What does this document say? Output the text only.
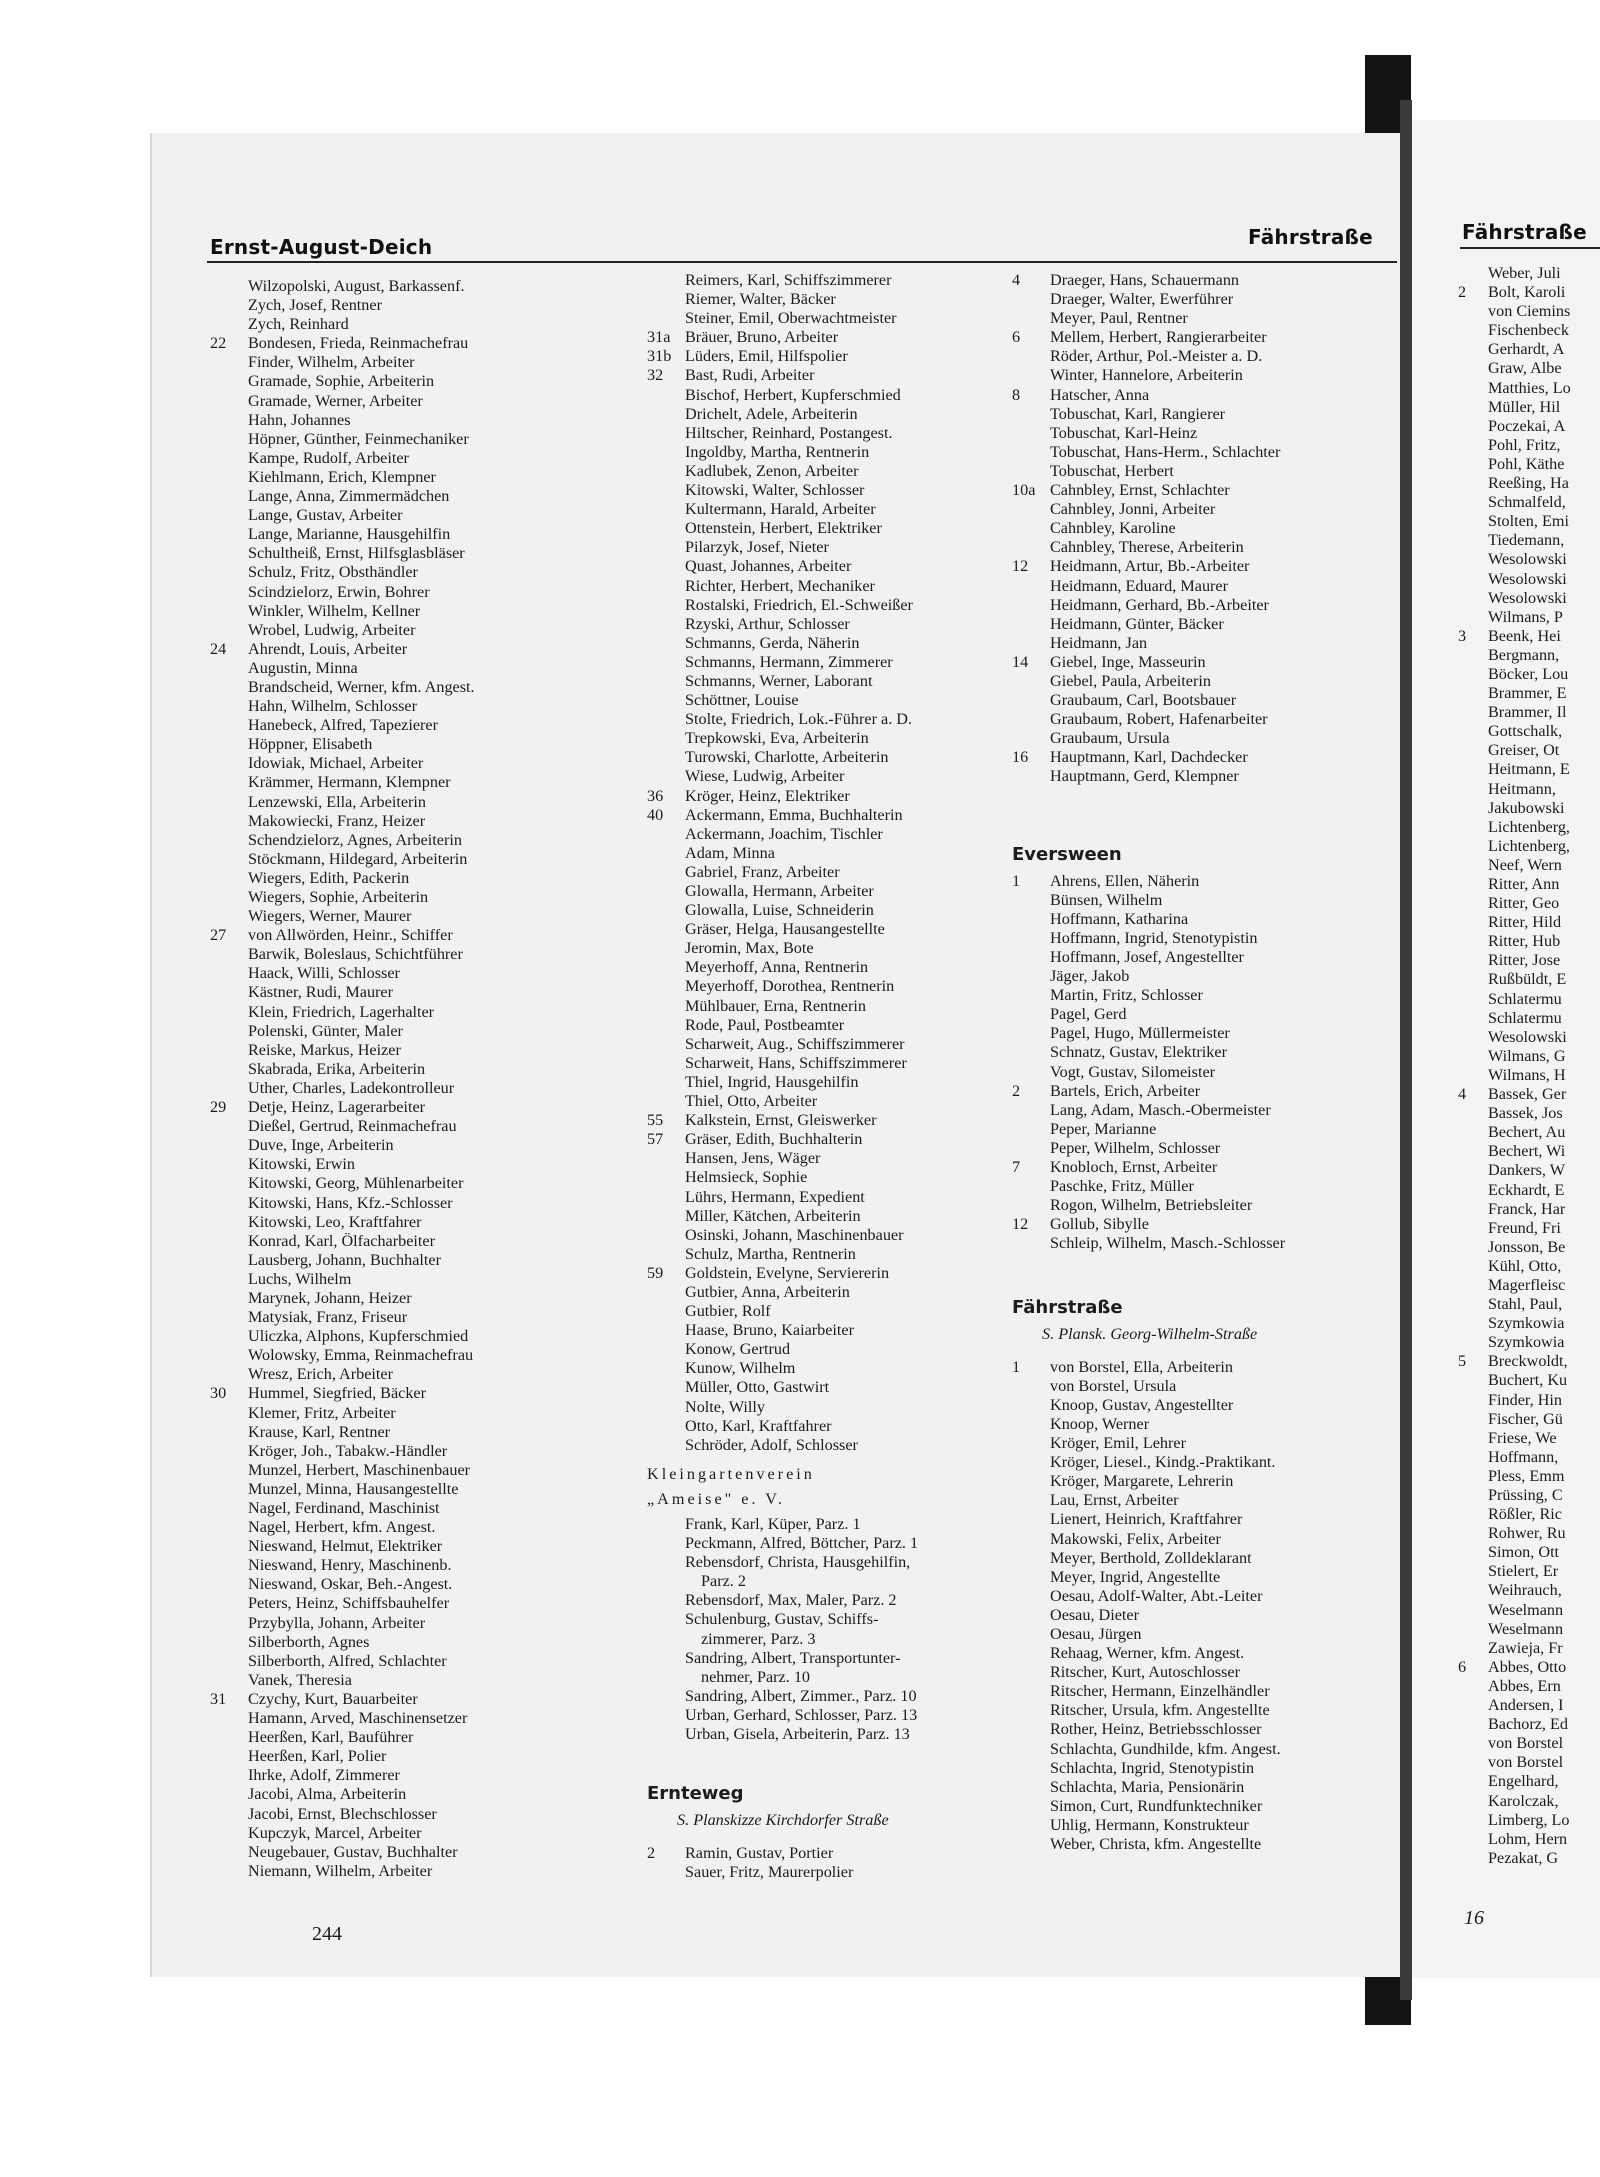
Ernst-August-Deich	Fährstraße
Wilzopolski, August, Barkassenf.
Zych, Josef, Rentner
Zych, Reinhard
22	Bondesen, Frieda, Reinmachefrau
Finder, Wilhelm, Arbeiter
Gramade, Sophie, Arbeiterin
Gramade, Werner, Arbeiter
Hahn, Johannes
Höpner, Günther, Feinmechaniker
Kampe, Rudolf, Arbeiter
Kiehlmann, Erich, Klempner
Lange, Anna, Zimmermädchen
Lange, Gustav, Arbeiter
Lange, Marianne, Hausgehilfin
Schultheiß, Ernst, Hilfsglasbläser
Schulz, Fritz, Obsthändler
Scindzielorz, Erwin, Bohrer
Winkler, Wilhelm, Kellner
Wrobel, Ludwig, Arbeiter
24	Ahrendt, Louis, Arbeiter
Augustin, Minna
Brandscheid, Werner, kfm. Angest.
Hahn, Wilhelm, Schlosser
Hanebeck, Alfred, Tapezierer
Höppner, Elisabeth
Idowiak, Michael, Arbeiter
Krämmer, Hermann, Klempner
Lenzewski, Ella, Arbeiterin
Makowiecki, Franz, Heizer
Schendzielorz, Agnes, Arbeiterin
Stöckmann, Hildegard, Arbeiterin
Wiegers, Edith, Packerin
Wiegers, Sophie, Arbeiterin
Wiegers, Werner, Maurer
27	von Allwörden, Heinr., Schiffer
Barwik, Boleslaus, Schichtführer
Haack, Willi, Schlosser
Kästner, Rudi, Maurer
Klein, Friedrich, Lagerhalter
Polenski, Günter, Maler
Reiske, Markus, Heizer
Skabrada, Erika, Arbeiterin
Uther, Charles, Ladekontrolleur
29	Detje, Heinz, Lagerarbeiter
Dießel, Gertrud, Reinmachefrau
Duve, Inge, Arbeiterin
Kitowski, Erwin
Kitowski, Georg, Mühlenarbeiter
Kitowski, Hans, Kfz.-Schlosser
Kitowski, Leo, Kraftfahrer
Konrad, Karl, Ölfacharbeiter
Lausberg, Johann, Buchhalter
Luchs, Wilhelm
Marynek, Johann, Heizer
Matysiak, Franz, Friseur
Uliczka, Alphons, Kupferschmied
Wolowsky, Emma, Reinmachefrau
Wresz, Erich, Arbeiter
30	Hummel, Siegfried, Bäcker
Klemer, Fritz, Arbeiter
Krause, Karl, Rentner
Kröger, Joh., Tabakw.-Händler
Munzel, Herbert, Maschinenbauer
Munzel, Minna, Hausangestellte
Nagel, Ferdinand, Maschinist
Nagel, Herbert, kfm. Angest.
Nieswand, Helmut, Elektriker
Nieswand, Henry, Maschinenb.
Nieswand, Oskar, Beh.-Angest.
Peters, Heinz, Schiffsbauhelfer
Przybylla, Johann, Arbeiter
Silberborth, Agnes
Silberborth, Alfred, Schlachter
Vanek, Theresia
31	Czychy, Kurt, Bauarbeiter
Hamann, Arved, Maschinensetzer
Heerßen, Karl, Bauführer
Heerßen, Karl, Polier
Ihrke, Adolf, Zimmerer
Jacobi, Alma, Arbeiterin
Jacobi, Ernst, Blechschlosser
Kupczyk, Marcel, Arbeiter
Neugebauer, Gustav, Buchhalter
Niemann, Wilhelm, Arbeiter
Reimers, Karl, Schiffszimmerer
Riemer, Walter, Bäcker
Steiner, Emil, Oberwachtmeister
31a Bräuer, Bruno, Arbeiter
31b Lüders, Emil, Hilfspolier
32	Bast, Rudi, Arbeiter
Bischof, Herbert, Kupferschmied
Drichelt, Adele, Arbeiterin
Hiltscher, Reinhard, Postangest.
Ingoldby, Martha, Rentnerin
Kadlubek, Zenon, Arbeiter
Kitowski, Walter, Schlosser
Kultermann, Harald, Arbeiter
Ottenstein, Herbert, Elektriker
Pilarzyk, Josef, Nieter
Quast, Johannes, Arbeiter
Richter, Herbert, Mechaniker
Rostalski, Friedrich, El.-Schweißer
Rzyski, Arthur, Schlosser
Schmanns, Gerda, Näherin
Schmanns, Hermann, Zimmerer
Schmanns, Werner, Laborant
Schöttner, Louise
Stolte, Friedrich, Lok.-Führer a. D.
Trepkowski, Eva, Arbeiterin
Turowski, Charlotte, Arbeiterin
Wiese, Ludwig, Arbeiter
36	Kröger, Heinz, Elektriker
40	Ackermann, Emma, Buchhalterin
Ackermann, Joachim, Tischler
Adam, Minna
Gabriel, Franz, Arbeiter
Glowalla, Hermann, Arbeiter
Glowalla, Luise, Schneiderin
Gräser, Helga, Hausangestellte
Jeromin, Max, Bote
Meyerhoff, Anna, Rentnerin
Meyerhoff, Dorothea, Rentnerin
Mühlbauer, Erna, Rentnerin
Rode, Paul, Postbeamter
Scharweit, Aug., Schiffszimmerer
Scharweit, Hans, Schiffszimmerer
Thiel, Ingrid, Hausgehilfin
Thiel, Otto, Arbeiter
55	Kalkstein, Ernst, Gleiswerker
57	Gräser, Edith, Buchhalterin
Hansen, Jens, Wäger
Helmsieck, Sophie
Lührs, Hermann, Expedient
Miller, Kätchen, Arbeiterin
Osinski, Johann, Maschinenbauer
Schulz, Martha, Rentnerin
59	Goldstein, Evelyne, Serviererin
Gutbier, Anna, Arbeiterin
Gutbier, Rolf
Haase, Bruno, Kaiarbeiter
Konow, Gertrud
Kunow, Wilhelm
Müller, Otto, Gastwirt
Nolte, Willy
Otto, Karl, Kraftfahrer
Schröder, Adolf, Schlosser
Kleingartenverein
„Ameise" e. V.
Frank, Karl, Küper, Parz. 1
Peckmann, Alfred, Böttcher, Parz. 1
Rebensdorf, Christa, Hausgehilfin,
Parz. 2
Rebensdorf, Max, Maler, Parz. 2
Schulenburg, Gustav, Schiffs-
zimmerer, Parz. 3
Sandring, Albert, Transportunter-
nehmer, Parz. 10
Sandring, Albert, Zimmer., Parz. 10
Urban, Gerhard, Schlosser, Parz. 13
Urban, Gisela, Arbeiterin, Parz. 13
Ernteweg
S. Planskizze Kirchdorfer Straße
2	Ramin, Gustav, Portier
Sauer, Fritz, Maurerpolier
4	Draeger, Hans, Schauermann
Draeger, Walter, Ewerführer
Meyer, Paul, Rentner
6	Mellem, Herbert, Rangierarbeiter
Röder, Arthur, Pol.-Meister a. D.
Winter, Hannelore, Arbeiterin
8	Hatscher, Anna
Tobuschat, Karl, Rangierer
Tobuschat, Karl-Heinz
Tobuschat, Hans-Herm., Schlachter
Tobuschat, Herbert
10a Cahnbley, Ernst, Schlachter
Cahnbley, Jonni, Arbeiter
Cahnbley, Karoline
Cahnbley, Therese, Arbeiterin
12	Heidmann, Artur, Bb.-Arbeiter
Heidmann, Eduard, Maurer
Heidmann, Gerhard, Bb.-Arbeiter
Heidmann, Günter, Bäcker
Heidmann, Jan
14	Giebel, Inge, Masseurin
Giebel, Paula, Arbeiterin
Graubaum, Carl, Bootsbauer
Graubaum, Robert, Hafenarbeiter
Graubaum, Ursula
16	Hauptmann, Karl, Dachdecker
Hauptmann, Gerd, Klempner
Eversween
1	Ahrens, Ellen, Näherin
Bünsen, Wilhelm
Hoffmann, Katharina
Hoffmann, Ingrid, Stenotypistin
Hoffmann, Josef, Angestellter
Jäger, Jakob
Martin, Fritz, Schlosser
Pagel, Gerd
Pagel, Hugo, Müllermeister
Schnatz, Gustav, Elektriker
Vogt, Gustav, Silomeister
2	Bartels, Erich, Arbeiter
Lang, Adam, Masch.-Obermeister
Peper, Marianne
Peper, Wilhelm, Schlosser
7	Knobloch, Ernst, Arbeiter
Paschke, Fritz, Müller
Rogon, Wilhelm, Betriebsleiter
12	Gollub, Sibylle
Schleip, Wilhelm, Masch.-Schlosser
Fährstraße
S. Plansk. Georg-Wilhelm-Straße
1	von Borstel, Ella, Arbeiterin
von Borstel, Ursula
Knoop, Gustav, Angestellter
Knoop, Werner
Kröger, Emil, Lehrer
Kröger, Liesel., Kindg.-Praktikant.
Kröger, Margarete, Lehrerin
Lau, Ernst, Arbeiter
Lienert, Heinrich, Kraftfahrer
Makowski, Felix, Arbeiter
Meyer, Berthold, Zolldeklarant
Meyer, Ingrid, Angestellte
Oesau, Adolf-Walter, Abt.-Leiter
Oesau, Dieter
Oesau, Jürgen
Rehaag, Werner, kfm. Angest.
Ritscher, Kurt, Autoschlosser
Ritscher, Hermann, Einzelhändler
Ritscher, Ursula, kfm. Angestellte
Rother, Heinz, Betriebsschlosser
Schlachta, Gundhilde, kfm. Angest.
Schlachta, Ingrid, Stenotypistin
Schlachta, Maria, Pensionärin
Simon, Curt, Rundfunktechniker
Uhlig, Hermann, Konstrukteur
Weber, Christa, kfm. Angestellte
244
Fährstraße
Weber, Juli
2	Bolt, Karoli
von Ciemins
Fischenbeck
Gerhardt, A
Graw, Albe
Matthies, Lo
Müller, Hil
Poczekai, A
Pohl, Fritz,
Pohl, Käthe
Reeßing, Ha
Schmalfeld,
Stolten, Emi
Tiedemann,
Wesolowski
Wesolowski
Wesolowski
Wilmans, P
3	Beenk, Hei
Bergmann,
Böcker, Lou
Brammer, E
Brammer, Il
Gottschalk,
Greiser, Ot
Heitmann, E
Heitmann,
Jakubowski
Lichtenberg,
Lichtenberg,
Neef, Wern
Ritter, Ann
Ritter, Geo
Ritter, Hild
Ritter, Hub
Ritter, Jose
Rußbüldt, E
Schlatermu
Schlatermu
Wesolowski
Wilmans, G
Wilmans, H
4	Bassek, Ger
Bassek, Jos
Bechert, Au
Bechert, Wi
Dankers, W
Eckhardt, E
Franck, Har
Freund, Fri
Jonsson, Be
Kühl, Otto,
Magerfleisc
Stahl, Paul,
Szymkowia
Szymkowia
5	Breckwoldt,
Buchert, Ku
Finder, Hin
Fischer, Gü
Friese, We
Hoffmann,
Pless, Emm
Prüssing, C
Rößler, Ric
Rohwer, Ru
Simon, Ott
Stielert, Er
Weihrauch,
Weselmann
Weselmann
Zawieja, Fr
6	Abbes, Otto
Abbes, Ern
Andersen, I
Bachorz, Ed
von Borstel
von Borstel
Engelhard,
Karolczak,
Limberg, Lo
Lohm, Hern
Pezakat, G
16
